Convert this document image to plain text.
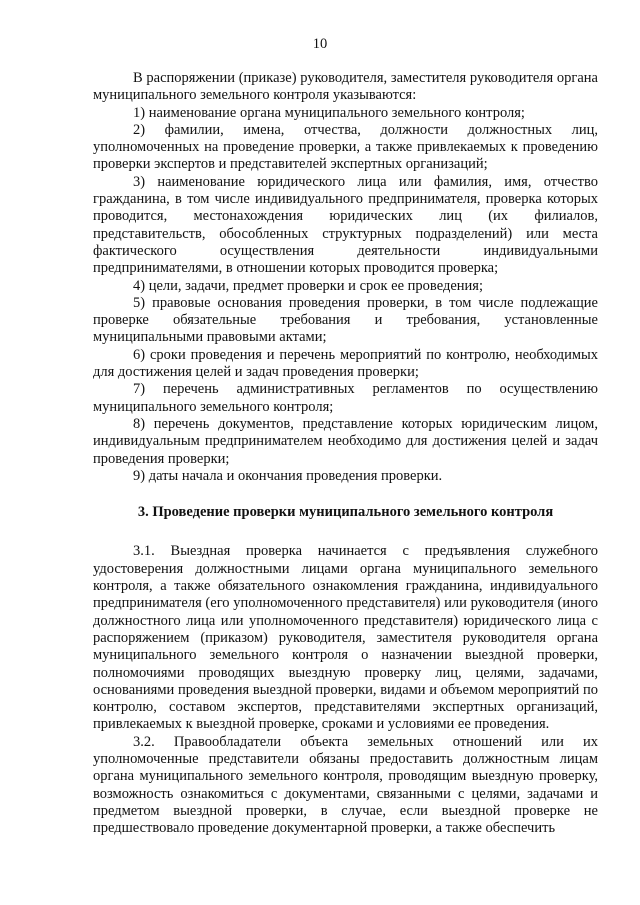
10

В распоряжении (приказе) руководителя, заместителя руководителя органа муниципального земельного контроля указываются:

1) наименование органа муниципального земельного контроля;

2) фамилии, имена, отчества, должности должностных лиц, уполномоченных на проведение проверки, а также привлекаемых к проведению проверки экспертов и представителей экспертных организаций;

3) наименование юридического лица или фамилия, имя, отчество гражданина, в том числе индивидуального предпринимателя, проверка которых проводится, местонахождения юридических лиц (их филиалов, представительств, обособленных структурных подразделений) или места фактического осуществления деятельности индивидуальными предпринимателями, в отношении которых проводится проверка;

4) цели, задачи, предмет проверки и срок ее проведения;

5) правовые основания проведения проверки, в том числе подлежащие проверке обязательные требования и требования, установленные муниципальными правовыми актами;

6) сроки проведения и перечень мероприятий по контролю, необходимых для достижения целей и задач проведения проверки;

7) перечень административных регламентов по осуществлению муниципального земельного контроля;

8) перечень документов, представление которых юридическим лицом, индивидуальным предпринимателем необходимо для достижения целей и задач проведения проверки;

9) даты начала и окончания проведения проверки.

3. Проведение проверки муниципального земельного контроля

3.1. Выездная проверка начинается с предъявления служебного удостоверения должностными лицами органа муниципального земельного контроля, а также обязательного ознакомления гражданина, индивидуального предпринимателя (его уполномоченного представителя) или руководителя (иного должностного лица или уполномоченного представителя) юридического лица с распоряжением (приказом) руководителя, заместителя руководителя органа муниципального земельного контроля о назначении выездной проверки, полномочиями проводящих выездную проверку лиц, целями, задачами, основаниями проведения выездной проверки, видами и объемом мероприятий по контролю, составом экспертов, представителями экспертных организаций, привлекаемых к выездной проверке, сроками и условиями ее проведения.

3.2. Правообладатели объекта земельных отношений или их уполномоченные представители обязаны предоставить должностным лицам органа муниципального земельного контроля, проводящим выездную проверку, возможность ознакомиться с документами, связанными с целями, задачами и предметом выездной проверки, в случае, если выездной проверке не предшествовало проведение документарной проверки, а также обеспечить
